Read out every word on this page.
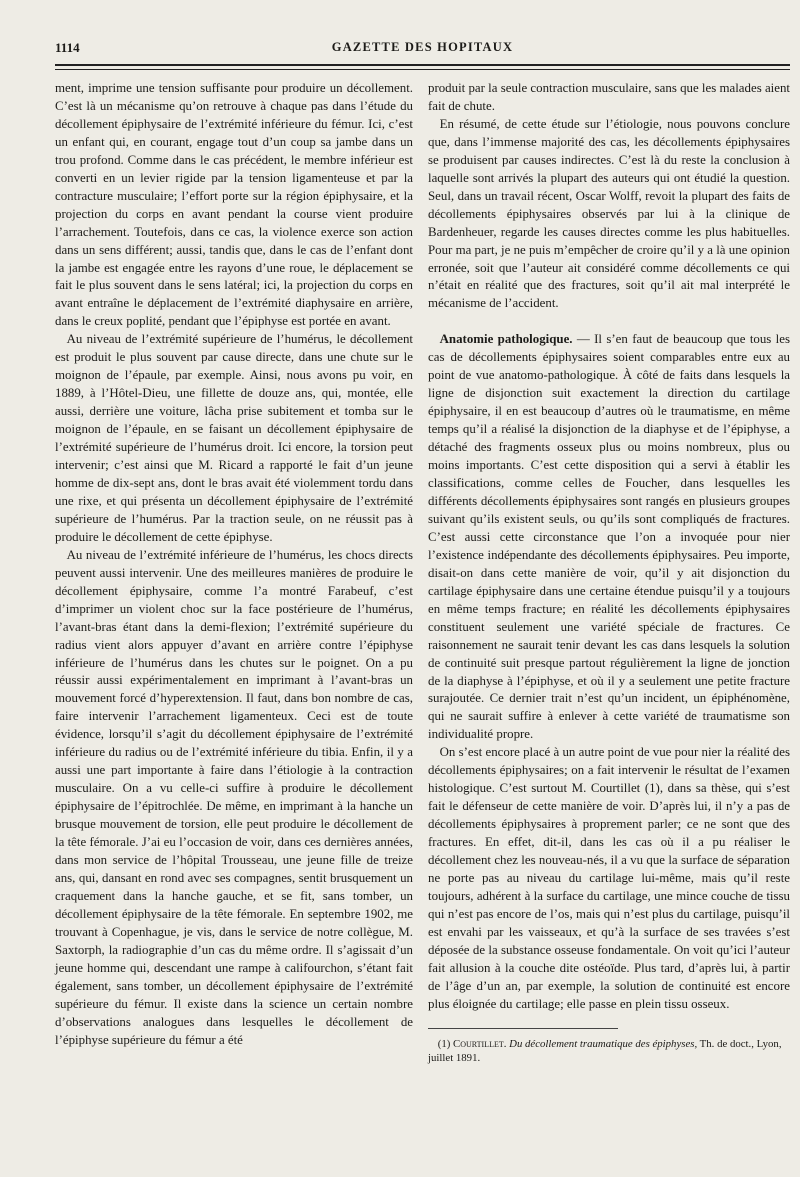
1114	GAZETTE DES HOPITAUX

ment, imprime une tension suffisante pour produire un décollement. C’est là un mécanisme qu’on retrouve à chaque pas dans l’étude du décollement épiphysaire de l’extrémité inférieure du fémur. Ici, c’est un enfant qui, en courant, engage tout d’un coup sa jambe dans un trou profond. Comme dans le cas précédent, le membre inférieur est converti en un levier rigide par la tension ligamenteuse et par la contracture musculaire; l’effort porte sur la région épiphysaire, et la projection du corps en avant pendant la course vient produire l’arrachement. Toutefois, dans ce cas, la violence exerce son action dans un sens différent; aussi, tandis que, dans le cas de l’enfant dont la jambe est engagée entre les rayons d’une roue, le déplacement se fait le plus souvent dans le sens latéral; ici, la projection du corps en avant entraîne le déplacement de l’extrémité diaphysaire en arrière, dans le creux poplité, pendant que l’épiphyse est portée en avant.

Au niveau de l’extrémité supérieure de l’humérus, le décollement est produit le plus souvent par cause directe, dans une chute sur le moignon de l’épaule, par exemple. Ainsi, nous avons pu voir, en 1889, à l’Hôtel-Dieu, une fillette de douze ans, qui, montée, elle aussi, derrière une voiture, lâcha prise subitement et tomba sur le moignon de l’épaule, en se faisant un décollement épiphysaire de l’extrémité supérieure de l’humérus droit. Ici encore, la torsion peut intervenir; c’est ainsi que M. Ricard a rapporté le fait d’un jeune homme de dix-sept ans, dont le bras avait été violemment tordu dans une rixe, et qui présenta un décollement épiphysaire de l’extrémité supérieure de l’humérus. Par la traction seule, on ne réussit pas à produire le décollement de cette épiphyse.

Au niveau de l’extrémité inférieure de l’humérus, les chocs directs peuvent aussi intervenir. Une des meilleures manières de produire le décollement épiphysaire, comme l’a montré Farabeuf, c’est d’imprimer un violent choc sur la face postérieure de l’humérus, l’avant-bras étant dans la demi-flexion; l’extrémité supérieure du radius vient alors appuyer d’avant en arrière contre l’épiphyse inférieure de l’humérus dans les chutes sur le poignet. On a pu réussir aussi expérimentalement en imprimant à l’avant-bras un mouvement forcé d’hyperextension. Il faut, dans bon nombre de cas, faire intervenir l’arrachement ligamenteux. Ceci est de toute évidence, lorsqu’il s’agit du décollement épiphysaire de l’extrémité inférieure du radius ou de l’extrémité inférieure du tibia. Enfin, il y a aussi une part importante à faire dans l’étiologie à la contraction musculaire. On a vu celle-ci suffire à produire le décollement épiphysaire de l’épitrochlée. De même, en imprimant à la hanche un brusque mouvement de torsion, elle peut produire le décollement de la tête fémorale. J’ai eu l’occasion de voir, dans ces dernières années, dans mon service de l’hôpital Trousseau, une jeune fille de treize ans, qui, dansant en rond avec ses compagnes, sentit brusquement un craquement dans la hanche gauche, et se fit, sans tomber, un décollement épiphysaire de la tête fémorale. En septembre 1902, me trouvant à Copenhague, je vis, dans le service de notre collègue, M. Saxtorph, la radiographie d’un cas du même ordre. Il s’agissait d’un jeune homme qui, descendant une rampe à califourchon, s’étant fait également, sans tomber, un décollement épiphysaire de l’extrémité supérieure du fémur. Il existe dans la science un certain nombre d’observations analogues dans lesquelles le décollement de l’épiphyse supérieure du fémur a été

produit par la seule contraction musculaire, sans que les malades aient fait de chute.

En résumé, de cette étude sur l’étiologie, nous pouvons conclure que, dans l’immense majorité des cas, les décollements épiphysaires se produisent par causes indirectes. C’est là du reste la conclusion à laquelle sont arrivés la plupart des auteurs qui ont étudié la question. Seul, dans un travail récent, Oscar Wolff, revoit la plupart des faits de décollements épiphysaires observés par lui à la clinique de Bardenheuer, regarde les causes directes comme les plus habituelles. Pour ma part, je ne puis m’empêcher de croire qu’il y a là une opinion erronée, soit que l’auteur ait considéré comme décollements ce qui n’était en réalité que des fractures, soit qu’il ait mal interprété le mécanisme de l’accident.

Anatomie pathologique. — Il s’en faut de beaucoup que tous les cas de décollements épiphysaires soient comparables entre eux au point de vue anatomo-pathologique. À côté de faits dans lesquels la ligne de disjonction suit exactement la direction du cartilage épiphysaire, il en est beaucoup d’autres où le traumatisme, en même temps qu’il a réalisé la disjonction de la diaphyse et de l’épiphyse, a détaché des fragments osseux plus ou moins nombreux, plus ou moins importants. C’est cette disposition qui a servi à établir les classifications, comme celles de Foucher, dans lesquelles les différents décollements épiphysaires sont rangés en plusieurs groupes suivant qu’ils existent seuls, ou qu’ils sont compliqués de fractures. C’est aussi cette circonstance que l’on a invoquée pour nier l’existence indépendante des décollements épiphysaires. Peu importe, disait-on dans cette manière de voir, qu’il y ait disjonction du cartilage épiphysaire dans une certaine étendue puisqu’il y a toujours en même temps fracture; en réalité les décollements épiphysaires constituent seulement une variété spéciale de fractures. Ce raisonnement ne saurait tenir devant les cas dans lesquels la solution de continuité suit presque partout régulièrement la ligne de jonction de la diaphyse à l’épiphyse, et où il y a seulement une petite fracture surajoutée. Ce dernier trait n’est qu’un incident, un épiphénomène, qui ne saurait suffire à enlever à cette variété de traumatisme son individualité propre.

On s’est encore placé à un autre point de vue pour nier la réalité des décollements épiphysaires; on a fait intervenir le résultat de l’examen histologique. C’est surtout M. Courtillet (1), dans sa thèse, qui s’est fait le défenseur de cette manière de voir. D’après lui, il n’y a pas de décollements épiphysaires à proprement parler; ce ne sont que des fractures. En effet, dit-il, dans les cas où il a pu réaliser le décollement chez les nouveau-nés, il a vu que la surface de séparation ne porte pas au niveau du cartilage lui-même, mais qu’il reste toujours, adhérent à la surface du cartilage, une mince couche de tissu qui n’est pas encore de l’os, mais qui n’est plus du cartilage, puisqu’il est envahi par les vaisseaux, et qu’à la surface de ses travées s’est déposée de la substance osseuse fondamentale. On voit qu’ici l’auteur fait allusion à la couche dite ostéoïde. Plus tard, d’après lui, à partir de l’âge d’un an, par exemple, la solution de continuité est encore plus éloignée du cartilage; elle passe en plein tissu osseux.

(1) Courtillet. Du décollement traumatique des épiphyses, Th. de doct., Lyon, juillet 1891.
